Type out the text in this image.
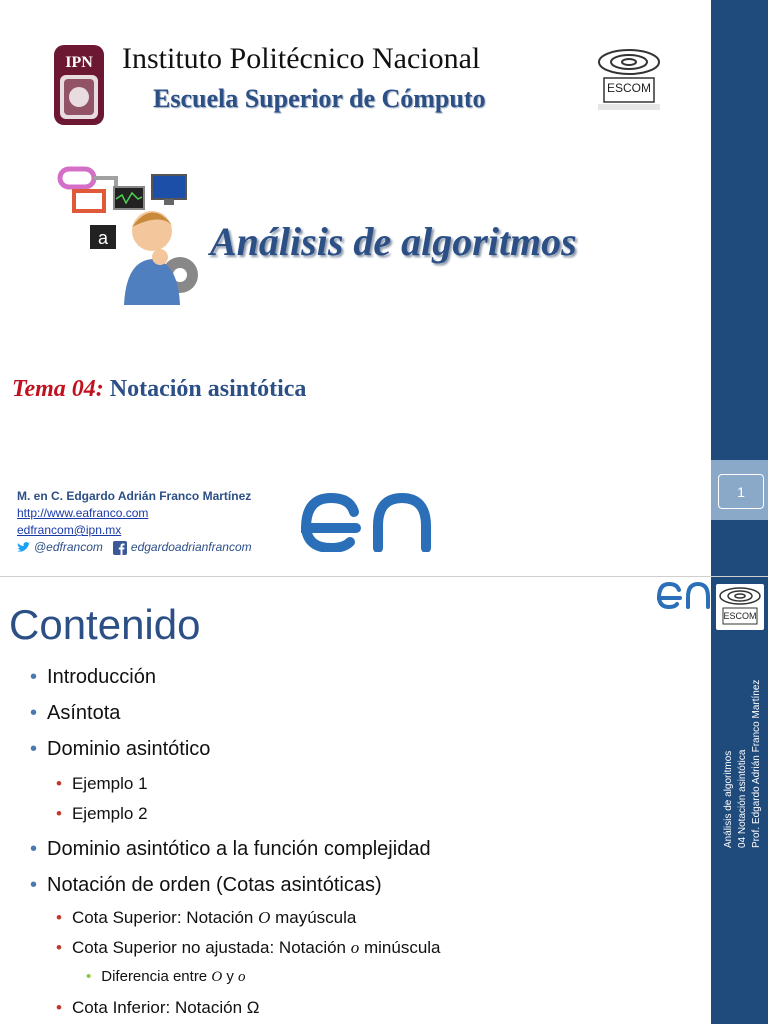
1
IPN Instituto Politécnico Nacional
Escuela Superior de Cómputo	ESCOM
a	Análisis de algoritmos
Tema 04: Notación asintótica
M. en C. Edgardo Adrián Franco Martínez
http://www.eafranco.com
edfrancom@ipn.mx
@edfrancom edgardoadrianfrancom
ESCOM
Análisis de algoritmos 04 Notación asintótica Prof. Edgardo Adrián Franco Martínez
Contenido
• Introducción
• Asíntota
• Dominio asintótico
• Ejemplo 1
• Ejemplo 2
• Dominio asintótico a la función complejidad
• Notación de orden (Cotas asintóticas)
• Cota Superior: Notación O mayúscula
• Cota Superior no ajustada: Notación o minúscula
• Diferencia entre O y o
• Cota Inferior: Notación Ω
